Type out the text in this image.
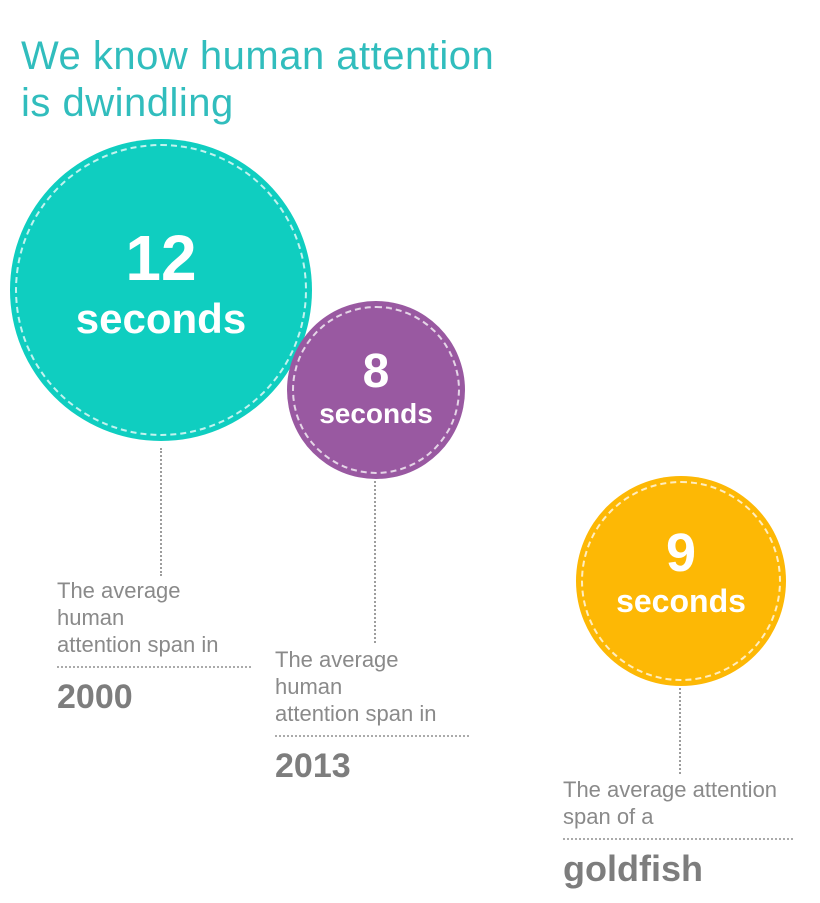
We know human attention
is dwindling
12
seconds

The average human
attention span in

2000
8
seconds

The average human
attention span in

2013
9
seconds

The average attention
span of a

goldfish
